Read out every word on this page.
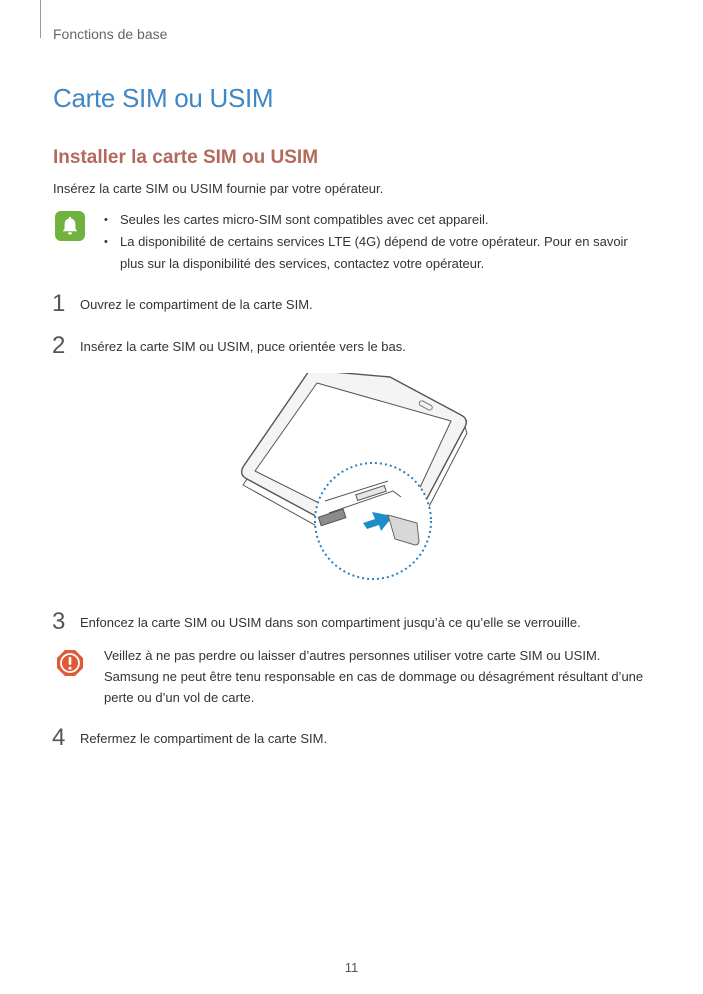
Fonctions de base
Carte SIM ou USIM
Installer la carte SIM ou USIM
Insérez la carte SIM ou USIM fournie par votre opérateur.
• Seules les cartes micro-SIM sont compatibles avec cet appareil.
• La disponibilité de certains services LTE (4G) dépend de votre opérateur. Pour en savoir plus sur la disponibilité des services, contactez votre opérateur.
1 Ouvrez le compartiment de la carte SIM.
2 Insérez la carte SIM ou USIM, puce orientée vers le bas.
3 Enfoncez la carte SIM ou USIM dans son compartiment jusqu’à ce qu’elle se verrouille.
Veillez à ne pas perdre ou laisser d’autres personnes utiliser votre carte SIM ou USIM. Samsung ne peut être tenu responsable en cas de dommage ou désagrément résultant d’une perte ou d’un vol de carte.
4 Refermez le compartiment de la carte SIM.
11
